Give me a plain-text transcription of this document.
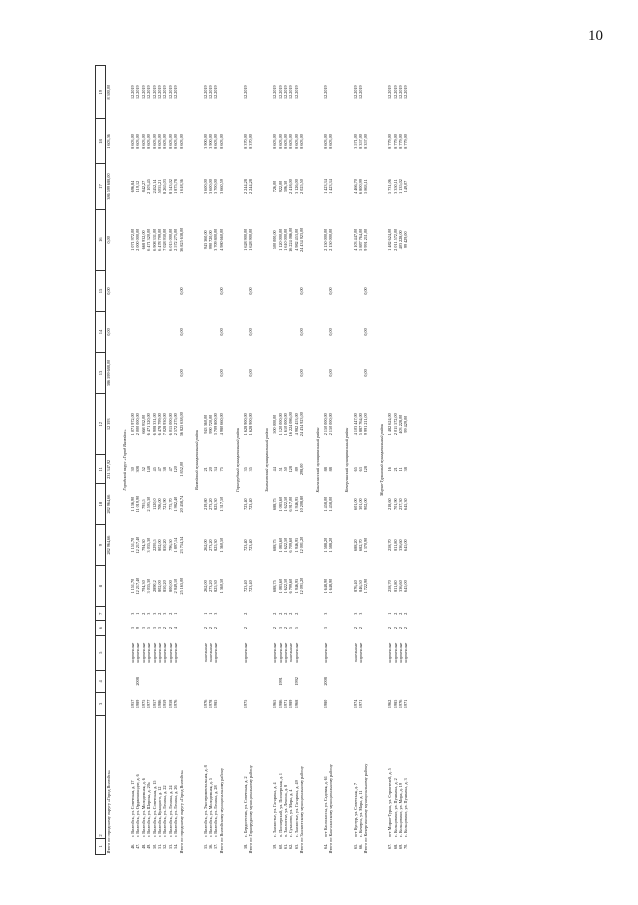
10
1	2	3	4	5	6	7	8	9	10	11	12	13	14	15	16	17	18	19
Итого по городскому округу «Город Вилюйск»								282 964,66	282 964,66	231 347,92	12 393	386 599 688,00	0,00	0,00	0,00	386 599 688,00	1 603,36	8 300,00
Городской округ «Город Вилюйск»																		
46.	г. Вилюйск, ул. Советская, д. 17	1957		кирпичные	3	3	1 151,70	1 151,70	1 136,90	30	1 071 972,00				1 071 972,00	696,84	8 603,00	12.2019
47.	г. Вилюйск, ул. Орджоникидзе, д. 6	1989	2008	кирпичные	9	1	12 217,40	12 217,40	11 019,90	308	2 000 000,00				2 000 000,00	119,12	8 603,00	12.2019
48.	г. Вилюйск, ул. Молодежная, д. 6	1975		кирпичные	3	2	794,30	794,30	795,5	52	668 932,00				668 932,00	842,27	8 603,00	12.2019
49.	г. Вилюйск, ул. Широка, д. 20а	1977		кирпичные	5	3	3 035,30	3 035,30	2 595,30	148	6 471 320,00				6 471 320,00	2 103,45	8 603,00	12.2019
50.	г. Вилюйск, ул. Советская, д. 15	1957		кирпичные	3	3	2890,2	2295,5	1120,0	45	6 908 331,00				6 908 331,00	2452,14	8 603,00	12.2019
51.	г. Вилюйск, Кулацкого, д. 12	1986		кирпичные	3	2	802,00	802,00	706,00	47	6 478 799,00				6 478 799,00	5031,21	8 603,00	12.2019
52.	г. Вилюйск, ул. Ленина, д. 22	1959		кирпичные	2	3	850,20	850,20	721,90	38	7 028 930,00				7 028 930,00	8 265,03	8 603,00	12.2019
53.	г. Вилюйск, ул. Ленина, д. 24	1958		кирпичные	2	2	800,00	796,50	775,70	47	6 015 000,00				6 015 000,00	8 543,02	8 603,00	12.2019
54.	г. Вилюйск, ул. Ленина, д. 26	1976		кирпичные	4	1	2 949,10	1 897,14	1 982,40	120	2 572 275,00				2 572 275,00	1 875,78	8 603,00	12.2019
Итого по городскому округу «Город Вилюйск»							25 165,00	23 754,34	20 458,74	1 852,00	36 825 638,00	0,00	0,00	0,00	36 825 638,00	1 618,36	8 603,00	
Вилюйский муниципальный район																		
55.	г. Вилюйск, ул. Экспериментальная, д. 8	1976		панельные	2	1	262,00	262,00	219,80	21	943 360,00				943 360,00	3 600,00	3 900,00	12.2019
56.	г. Вилюйск, ул. Молодежная, д. 5	1978		панельные	2	1	273,20	273,20	273,20	20	990 720,00				990 720,00	3 600,00	3 900,00	12.2019
57.	г. Вилюйск, ул. Ленина, д. 28	1985		кирпичные	2	3	825,30	825,30	825,30	34	3 709 800,00				3 709 800,00	3 700,00	8 603,00	12.2019
Итого по Вилюйскому муниципальному району							1 360,50	1 360,50	1 317,50	75	4 980 660,00	0,00	0,00	0,00	4 980 660,00	3 660,59	8 603,00	
Горнорудный муниципальный район																		
58.	с. Бердигестях, ул. Советская, д. 2	1975		кирпичные	2	2	723,40	723,40	723,40	35	1 628 900,00				1 628 900,00	2 244,28	8 370,00	12.2019
Итого по Горнорудному муниципальному району							723,40	723,40	723,40	35	1 628 900,00	0,00	0,00	0,00	1 628 900,00	2 244,28	8 370,00	
Заилистский муниципальный район																		
59.	с. Заилистье, ул. Гагарина, д. 4	1965		кирпичные	2	2	688,75	688,75	688,75	44	500 000,00				500 000,00	726,00	8 603,00	12.2019
60.	п. Пионерский, ул. Пионерская, д. 1	1986	1991	кирпичные	3	2	1 083,60	1 083,60	1 083,60	51	1 120 000,00				1 120 000,00	922,00	8 603,00	12.2019
61.	п. Заилистье, ул. Ленина, д. 8	1971		кирпичные	2	2	1 622,50	1 622,50	1 622,50	50	1 610 000,00				1 610 000,00	306,30	8 603,00	12.2019
62.	с. Суханово, ул. Мира, д. 4	1989		панельные	5	2	6 799,60	6 709,60	6 917,00	128	16 224 086,00				16 224 086,00	2 418,00	8 603,00	12.2019
63.	с. Заилистье, ул. Гагарина, д. 49	1968	1992	кирпичные	5	2	1 946,95	1 946,95	1 946,95	89	4 982 453,00				4 982 453,00	3 126,00	8 603,00	12.2019
Итого по Заилистскому муниципальному району							12 091,20	12 001,20	10 208,80	298,00	24 434 923,00	0,00	0,00	0,00	24 434 923,00	2 025,50	8 603,00	
Кангаласский муниципальный район																		
64.	пгт Кангалассы, ул. Садовая, д. 61	1980	2008	кирпичные	3	3	1 648,90	1 588,20	1 458,00	88	2 150 000,00				2 150 000,00	1 423,34	8 603,00	12.2019
Итого по Кангаласскому муниципальному району							1 648,90	1 588,20	1 458,00	88	2 150 000,00	0,00	0,00	0,00	2 150 000,00	1 423,34	8 603,00	
Кочергинский муниципальный район																		
65.	пгт Кустур, ул. Советская, д. 7	1974		панельные	2	3	876,40	688,20	601,00	65	4 103 447,00				4 103 447,00	4 466,70	3 571,00	12.2019
66.	с. Кочерга, ул. Мира, д. 11	1971		кирпичные	2	3	846,50	682,70	301,00	63	5 887 764,00				5 887 764,00	6 800,99	8 357,00	12.2019
Итого по Кочергинскому муниципальному району							1 722,90	1 370,90	902,00	128	9 991 211,00	0,00	0,00	0,00	9 991 211,00	5 863,11	8 357,00	
Мирно-Туранский муниципальный район																		
67.	пгт Мирно-Туран, ул. Строителей, д. 5	1962		кирпичные	2	1	258,70	258,70	218,60	16	1 482 624,00				1 482 624,00	5 731,06	8 779,00	12.2019
68.	с. Кольцовино, ул. Пушкина, д. 2	1985		кирпичные	2	2	811,80	811,80	701,90	21	2 011 572,00				2 011 572,00	3 350,11	8 779,00	12.2019
69.	с. Кольцовино, ул. Мира, д. 19	1976		кирпичные	2	2	336,60	336,60	237,30	11	403 228,00				403 228,00	1 135,02	8 779,00	12.2019
70.	с. Кольцовино, ул. Пушкина, д. 3	1971		кирпичные	2	2	645,00	645,00	645,30	38	99 429,00				99 429,00	149,07	8 779,00	12.2019
